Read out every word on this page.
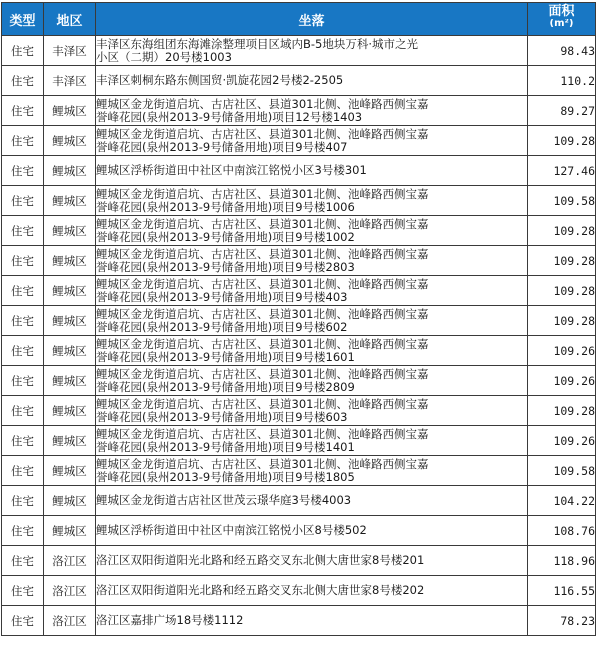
类型	地区	坐落	面积
(m²)

住宅	丰泽区	丰泽区东海组团东海滩涂整理项目区域内B-5地块万科·城市之光
小区（二期）20号楼1003	98.43
住宅	丰泽区	丰泽区刺桐东路东侧国贸·凯旋花园2号楼2-2505	110.2
住宅	鲤城区	鲤城区金龙街道启坑、古店社区、县道301北侧、池峰路西侧宝嘉
誉峰花园(泉州2013-9号储备用地)项目12号楼1403	89.27
住宅	鲤城区	鲤城区金龙街道启坑、古店社区、县道301北侧、池峰路西侧宝嘉
誉峰花园(泉州2013-9号储备用地)项目9号楼407	109.28
住宅	鲤城区	鲤城区浮桥街道田中社区中南滨江铭悦小区3号楼301	127.46
住宅	鲤城区	鲤城区金龙街道启坑、古店社区、县道301北侧、池峰路西侧宝嘉
誉峰花园(泉州2013-9号储备用地)项目9号楼1006	109.58
住宅	鲤城区	鲤城区金龙街道启坑、古店社区、县道301北侧、池峰路西侧宝嘉
誉峰花园(泉州2013-9号储备用地)项目9号楼1002	109.28
住宅	鲤城区	鲤城区金龙街道启坑、古店社区、县道301北侧、池峰路西侧宝嘉
誉峰花园(泉州2013-9号储备用地)项目9号楼2803	109.28
住宅	鲤城区	鲤城区金龙街道启坑、古店社区、县道301北侧、池峰路西侧宝嘉
誉峰花园(泉州2013-9号储备用地)项目9号楼403	109.28
住宅	鲤城区	鲤城区金龙街道启坑、古店社区、县道301北侧、池峰路西侧宝嘉
誉峰花园(泉州2013-9号储备用地)项目9号楼602	109.28
住宅	鲤城区	鲤城区金龙街道启坑、古店社区、县道301北侧、池峰路西侧宝嘉
誉峰花园(泉州2013-9号储备用地)项目9号楼1601	109.26
住宅	鲤城区	鲤城区金龙街道启坑、古店社区、县道301北侧、池峰路西侧宝嘉
誉峰花园(泉州2013-9号储备用地)项目9号楼2809	109.26
住宅	鲤城区	鲤城区金龙街道启坑、古店社区、县道301北侧、池峰路西侧宝嘉
誉峰花园(泉州2013-9号储备用地)项目9号楼603	109.28
住宅	鲤城区	鲤城区金龙街道启坑、古店社区、县道301北侧、池峰路西侧宝嘉
誉峰花园(泉州2013-9号储备用地)项目9号楼1401	109.26
住宅	鲤城区	鲤城区金龙街道启坑、古店社区、县道301北侧、池峰路西侧宝嘉
誉峰花园(泉州2013-9号储备用地)项目9号楼1805	109.58
住宅	鲤城区	鲤城区金龙街道古店社区世茂云璟华庭3号楼4003	104.22
住宅	鲤城区	鲤城区浮桥街道田中社区中南滨江铭悦小区8号楼502	108.76
住宅	洛江区	洛江区双阳街道阳光北路和经五路交叉东北侧大唐世家8号楼201	118.96
住宅	洛江区	洛江区双阳街道阳光北路和经五路交叉东北侧大唐世家8号楼202	116.55
住宅	洛江区	洛江区嘉排广场18号楼1112	78.23
